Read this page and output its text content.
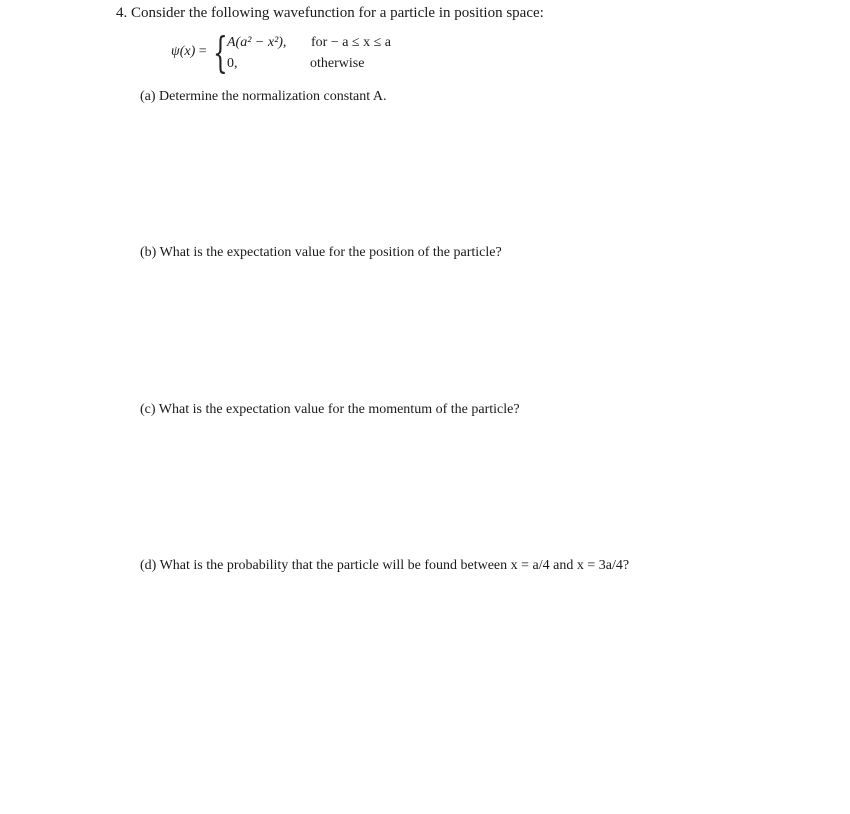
4. Consider the following wavefunction for a particle in position space:
ψ(x) = { A(a² − x²), for − a ≤ x ≤ a
0,	otherwise
(a) Determine the normalization constant A.
(b) What is the expectation value for the position of the particle?
(c) What is the expectation value for the momentum of the particle?
(d) What is the probability that the particle will be found between x = a/4 and x = 3a/4?
